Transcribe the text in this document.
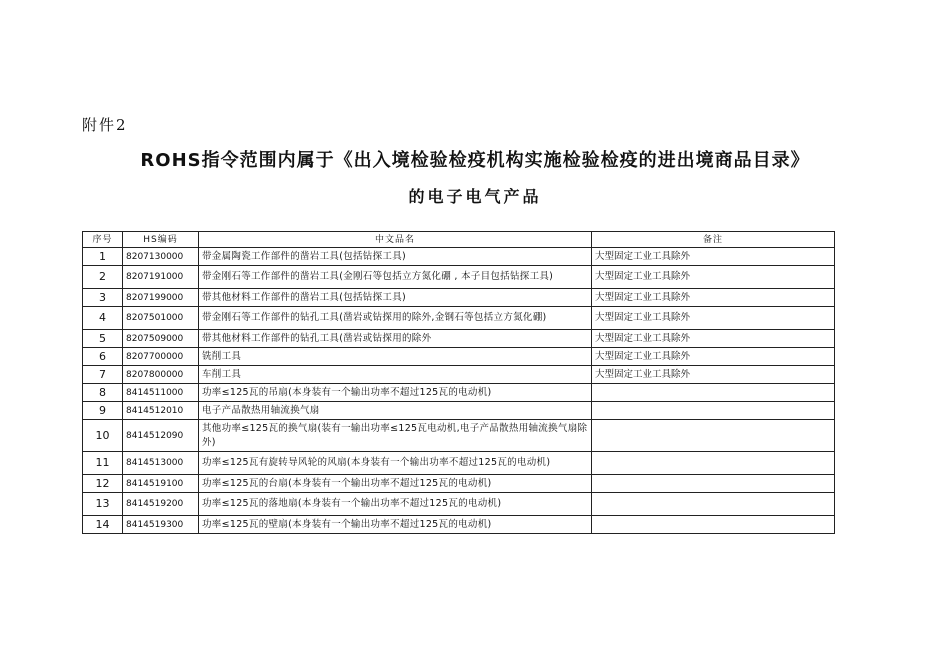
附件2
ROHS指令范围内属于《出入境检验检疫机构实施检验检疫的进出境商品目录》
的电子电气产品
序号	HS编码	中文品名	备注
1	8207130000	带金属陶瓷工作部件的凿岩工具(包括钻探工具)	大型固定工业工具除外
2	8207191000	带金刚石等工作部件的凿岩工具(金刚石等包括立方氮化硼 , 本子目包括钻探工具)	大型固定工业工具除外
3	8207199000	带其他材料工作部件的凿岩工具(包括钻探工具)	大型固定工业工具除外
4	8207501000	带金刚石等工作部件的钻孔工具(凿岩或钻探用的除外,金钢石等包括立方氮化硼)	大型固定工业工具除外
5	8207509000	带其他材料工作部件的钻孔工具(凿岩或钻探用的除外	大型固定工业工具除外
6	8207700000	铣削工具	大型固定工业工具除外
7	8207800000	车削工具	大型固定工业工具除外
8	8414511000	功率≤125瓦的吊扇(本身装有一个输出功率不超过125瓦的电动机)	
9	8414512010	电子产品散热用轴流换气扇	
10	8414512090	其他功率≤125瓦的换气扇(装有一输出功率≤125瓦电动机,电子产品散热用轴流换气扇除外)	
11	8414513000	功率≤125瓦有旋转导风轮的风扇(本身装有一个输出功率不超过125瓦的电动机)	
12	8414519100	功率≤125瓦的台扇(本身装有一个输出功率不超过125瓦的电动机)	
13	8414519200	功率≤125瓦的落地扇(本身装有一个输出功率不超过125瓦的电动机)	
14	8414519300	功率≤125瓦的壁扇(本身装有一个输出功率不超过125瓦的电动机)	
